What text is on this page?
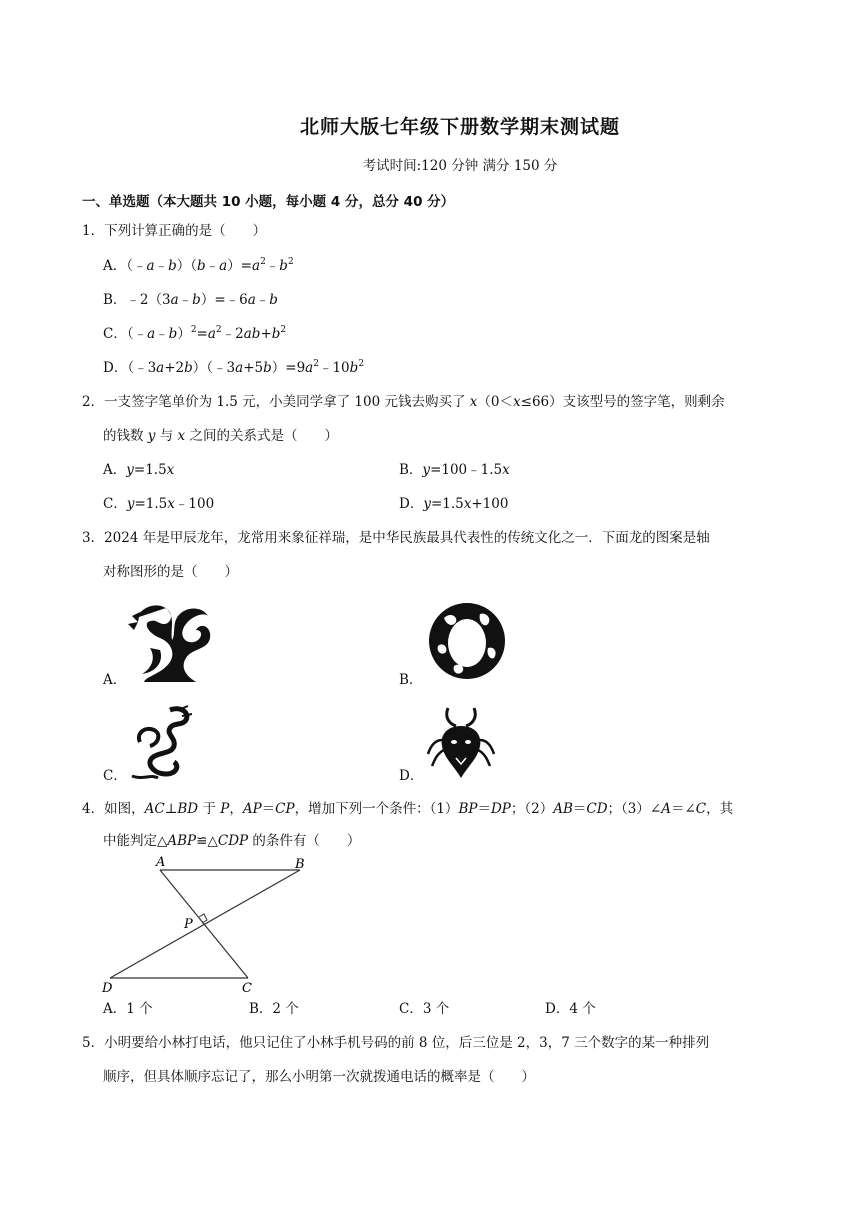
北师大版七年级下册数学期末测试题
考试时间:120 分钟 满分 150 分
一、单选题（本大题共 10 小题，每小题 4 分，总分 40 分）
1．下列计算正确的是（　　）
A．$(﹣a﹣b)(b﹣a)=a^2﹣b^2$
B．﹣2（3a﹣b）=﹣6a﹣b
C．$(﹣a﹣b)^2=a^2﹣2ab+b^2$
D．$(﹣3a+2b)(﹣3a+5b)=9a^2﹣10b^2$
2．一支签字笔单价为 1.5 元，小美同学拿了 100 元钱去购买了 x（0＜x≤66）支该型号的签字笔，则剩余
的钱数 y 与 x 之间的关系式是（　　）
A．y=1.5x	B．y=100﹣1.5x
C．y=1.5x﹣100	D．y=1.5x+100
3．2024 年是甲辰龙年，龙常用来象征祥瑞，是中华民族最具代表性的传统文化之一．下面龙的图案是轴
对称图形的是（　　）
A．	B．
C．	D．
4．如图，AC⊥BD 于 P，AP＝CP，增加下列一个条件：（1）BP＝DP；（2）AB＝CD；（3）∠A＝∠C，其
中能判定△ABP≌△CDP 的条件有（　　）
A	B
P
D	C
A．1 个	B．2 个	C．3 个	D．4 个
5．小明要给小林打电话，他只记住了小林手机号码的前 8 位，后三位是 2，3，7 三个数字的某一种排列
顺序，但具体顺序忘记了，那么小明第一次就拨通电话的概率是（　　）
